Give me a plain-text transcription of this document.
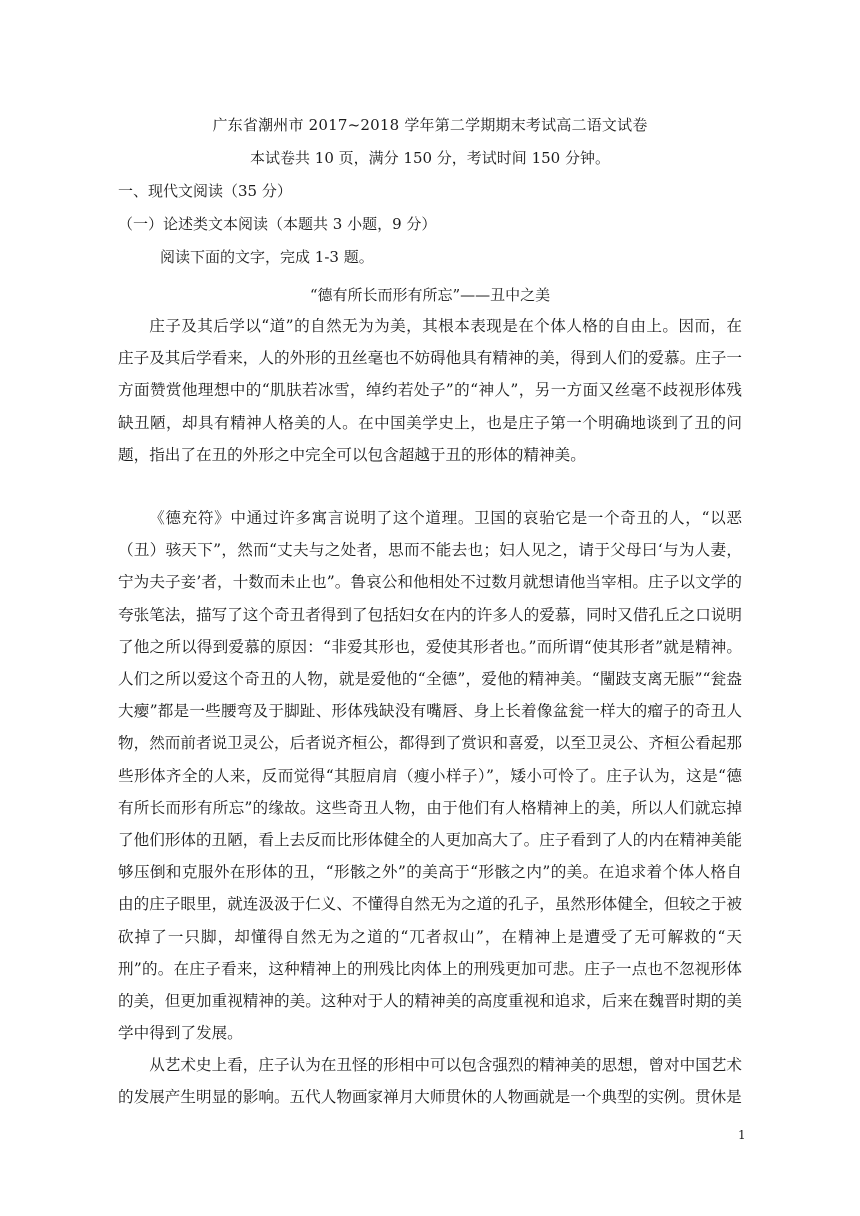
广东省潮州市 2017~2018 学年第二学期期末考试高二语文试卷
本试卷共 10 页，满分 150 分，考试时间 150 分钟。
一、现代文阅读（35 分）
（一）论述类文本阅读（本题共 3 小题，9 分）
阅读下面的文字，完成 1-3 题。
“德有所长而形有所忘”——丑中之美
庄子及其后学以“道”的自然无为为美，其根本表现是在个体人格的自由上。因而，在庄子及其后学看来，人的外形的丑丝毫也不妨碍他具有精神的美，得到人们的爱慕。庄子一方面赞赏他理想中的“肌肤若冰雪，绰约若处子”的“神人”，另一方面又丝毫不歧视形体残缺丑陋，却具有精神人格美的人。在中国美学史上，也是庄子第一个明确地谈到了丑的问题，指出了在丑的外形之中完全可以包含超越于丑的形体的精神美。
《德充符》中通过许多寓言说明了这个道理。卫国的哀骀它是一个奇丑的人，“以恶（丑）骇天下”，然而“丈夫与之处者，思而不能去也；妇人见之，请于父母曰‘与为人妻，宁为夫子妾’者，十数而未止也”。鲁哀公和他相处不过数月就想请他当宰相。庄子以文学的夸张笔法，描写了这个奇丑者得到了包括妇女在内的许多人的爱慕，同时又借孔丘之口说明了他之所以得到爱慕的原因：“非爱其形也，爱使其形者也。”而所谓“使其形者”就是精神。人们之所以爱这个奇丑的人物，就是爱他的“全德”，爱他的精神美。“闉跂支离无脤”“瓮盎大瘿”都是一些腰弯及于脚趾、形体残缺没有嘴唇、身上长着像盆瓮一样大的瘤子的奇丑人物，然而前者说卫灵公，后者说齐桓公，都得到了赏识和喜爱，以至卫灵公、齐桓公看起那些形体齐全的人来，反而觉得“其脰肩肩（瘦小样子）”，矮小可怜了。庄子认为，这是“德有所长而形有所忘”的缘故。这些奇丑人物，由于他们有人格精神上的美，所以人们就忘掉了他们形体的丑陋，看上去反而比形体健全的人更加高大了。庄子看到了人的内在精神美能够压倒和克服外在形体的丑，“形骸之外”的美高于“形骸之内”的美。在追求着个体人格自由的庄子眼里，就连汲汲于仁义、不懂得自然无为之道的孔子，虽然形体健全，但较之于被砍掉了一只脚，却懂得自然无为之道的“兀者叔山”，在精神上是遭受了无可解救的“天刑”的。在庄子看来，这种精神上的刑残比肉体上的刑残更加可悲。庄子一点也不忽视形体的美，但更加重视精神的美。这种对于人的精神美的高度重视和追求，后来在魏晋时期的美学中得到了发展。
从艺术史上看，庄子认为在丑怪的形相中可以包含强烈的精神美的思想，曾对中国艺术的发展产生明显的影响。五代人物画家禅月大师贯休的人物画就是一个典型的实例。贯休是
1
